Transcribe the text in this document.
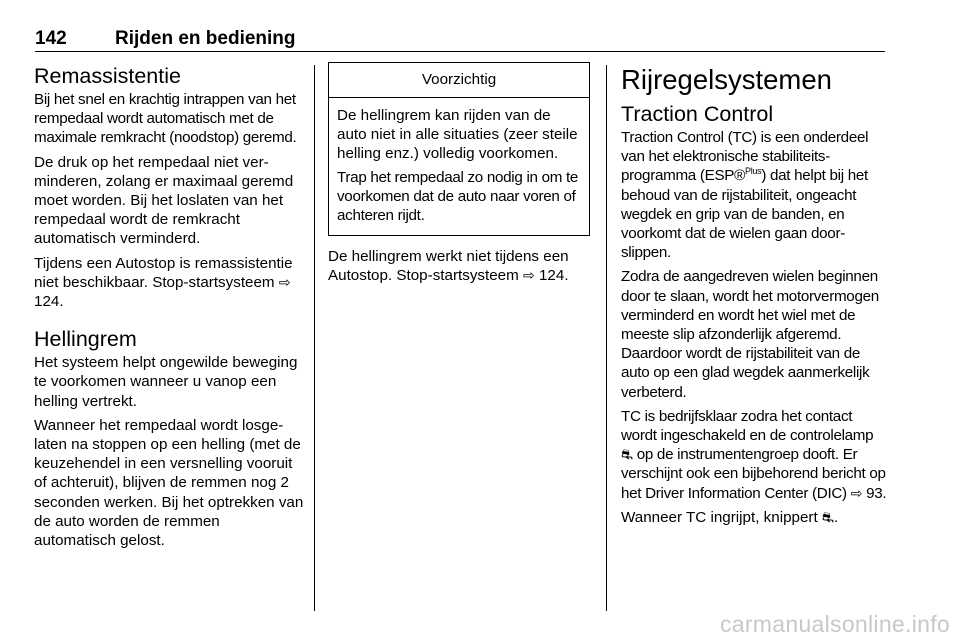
142	Rijden en bediening
Remassistentie

Bij het snel en krachtig intrappen van het rempedaal wordt automatisch met de maximale remkracht (noodstop) geremd.

De druk op het rempedaal niet verminderen, zolang er maximaal geremd moet worden. Bij het loslaten van het rempedaal wordt de remkracht automatisch verminderd.

Tijdens een Autostop is remassistentie niet beschikbaar. Stop-startsysteem ⇨ 124.

Hellingrem

Het systeem helpt ongewilde beweging te voorkomen wanneer u vanop een helling vertrekt.

Wanneer het rempedaal wordt losgelaten na stoppen op een helling (met de keuzehendel in een versnelling vooruit of achteruit), blijven de remmen nog 2 seconden werken. Bij het optrekken van de auto worden de remmen automatisch gelost.

Voorzichtig

De hellingrem kan rijden van de auto niet in alle situaties (zeer steile helling enz.) volledig voorkomen.

Trap het rempedaal zo nodig in om te voorkomen dat de auto naar voren of achteren rijdt.

De hellingrem werkt niet tijdens een Autostop. Stop-startsysteem ⇨ 124.

Rijregelsystemen
Traction Control

Traction Control (TC) is een onderdeel van het elektronische stabiliteitsprogramma (ESP®$^{Plus}$) dat helpt bij het behoud van de rijstabiliteit, ongeacht wegdek en grip van de banden, en voorkomt dat de wielen gaan doorslippen.

Zodra de aangedreven wielen beginnen door te slaan, wordt het motorvermogen verminderd en wordt het wiel met de meeste slip afzonderlijk afgeremd. Daardoor wordt de rijstabiliteit van de auto op een glad wegdek aanmerkelijk verbeterd.

TC is bedrijfsklaar zodra het contact wordt ingeschakeld en de controlelamp ⛐ op de instrumentengroep dooft. Er verschijnt ook een bijbehorend bericht op het Driver Information Center (DIC) ⇨ 93.

Wanneer TC ingrijpt, knippert ⛐.

carmanualsonline.info
